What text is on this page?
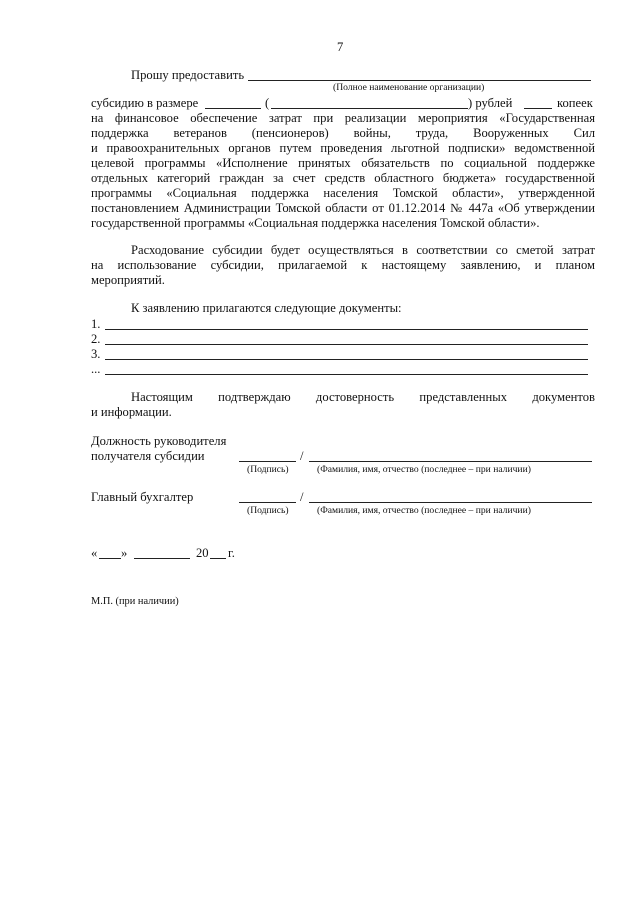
7
Прошу предоставить
(Полное наименование организации)
субсидию в размере	(	) рублей	копеек
на финансовое обеспечение затрат при реализации мероприятия «Государственная
поддержка ветеранов (пенсионеров) войны, труда, Вооруженных Сил
и правоохранительных органов путем проведения льготной подписки» ведомственной
целевой программы «Исполнение принятых обязательств по социальной поддержке
отдельных категорий граждан за счет средств областного бюджета» государственной
программы «Социальная поддержка населения Томской области», утвержденной
постановлением Администрации Томской области от 01.12.2014 № 447а «Об утверждении
государственной программы «Социальная поддержка населения Томской области».
Расходование субсидии будет осуществляться в соответствии со сметой затрат
на использование субсидии, прилагаемой к настоящему заявлению, и планом
мероприятий.
К заявлению прилагаются следующие документы:
1.
2.
3.
...
Настоящим подтверждаю достоверность представленных документов
и информации.
Должность руководителя
получателя субсидии	/
(Подпись)	(Фамилия, имя, отчество (последнее – при наличии)
Главный бухгалтер	/
(Подпись)	(Фамилия, имя, отчество (последнее – при наличии)
« »	20 г.
М.П. (при наличии)
